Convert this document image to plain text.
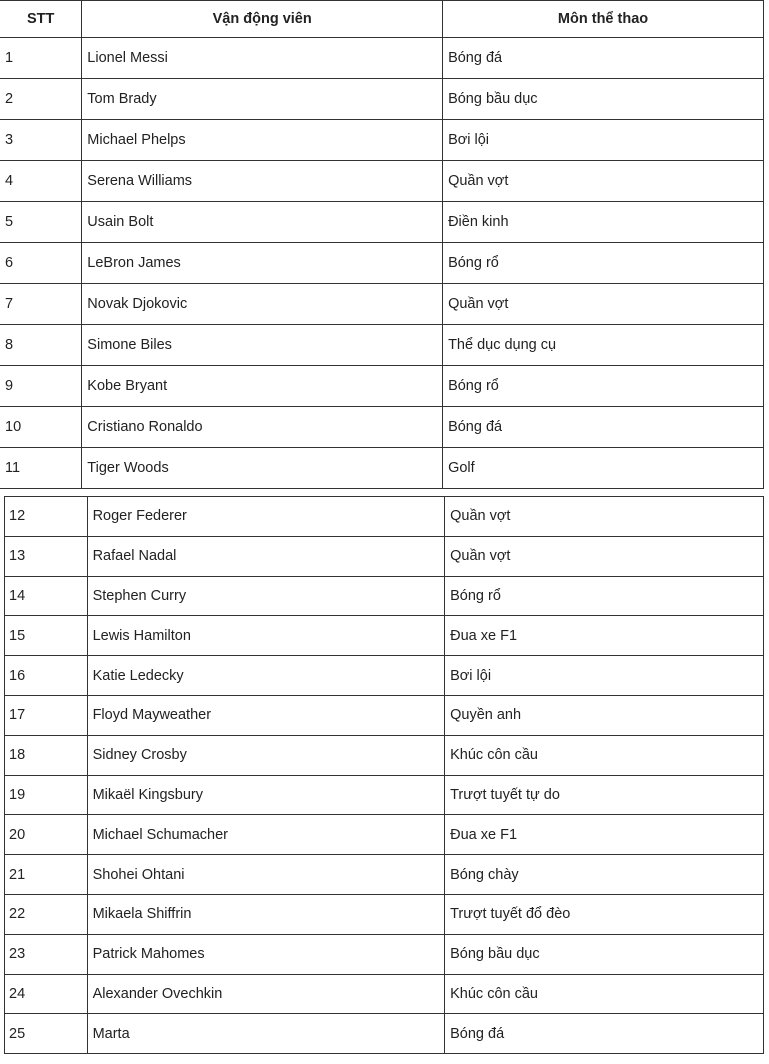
STT	Vận động viên	Môn thể thao
1	Lionel Messi	Bóng đá
2	Tom Brady	Bóng bầu dục
3	Michael Phelps	Bơi lội
4	Serena Williams	Quần vợt
5	Usain Bolt	Điền kinh
6	LeBron James	Bóng rổ
7	Novak Djokovic	Quần vợt
8	Simone Biles	Thể dục dụng cụ
9	Kobe Bryant	Bóng rổ
10	Cristiano Ronaldo	Bóng đá
11	Tiger Woods	Golf
12	Roger Federer	Quần vợt
13	Rafael Nadal	Quần vợt
14	Stephen Curry	Bóng rổ
15	Lewis Hamilton	Đua xe F1
16	Katie Ledecky	Bơi lội
17	Floyd Mayweather	Quyền anh
18	Sidney Crosby	Khúc côn cầu
19	Mikaël Kingsbury	Trượt tuyết tự do
20	Michael Schumacher	Đua xe F1
21	Shohei Ohtani	Bóng chày
22	Mikaela Shiffrin	Trượt tuyết đổ đèo
23	Patrick Mahomes	Bóng bầu dục
24	Alexander Ovechkin	Khúc côn cầu
25	Marta	Bóng đá
